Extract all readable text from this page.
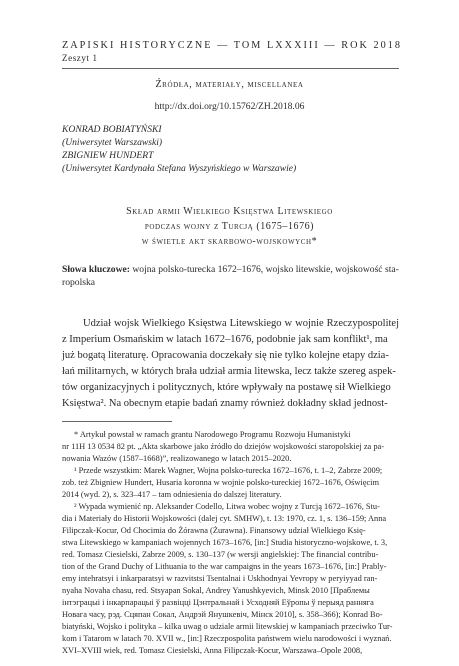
ZAPISKI HISTORYCZNE — TOM LXXXIII — ROK 2018
Zeszyt 1
Źródła, materiały, miscellanea
http://dx.doi.org/10.15762/ZH.2018.06
KONRAD BOBIATYŃSKI
(Uniwersytet Warszawski)
ZBIGNIEW HUNDERT
(Uniwersytet Kardynała Stefana Wyszyńskiego w Warszawie)
Skład armii Wielkiego Księstwa Litewskiego
podczas wojny z Turcją (1675–1676)
w świetle akt skarbowo-wojskowych*
Słowa kluczowe: wojna polsko-turecka 1672–1676, wojsko litewskie, wojskowość sta-
ropolska
Udział wojsk Wielkiego Księstwa Litewskiego w wojnie Rzeczypospolitej
z Imperium Osmańskim w latach 1672–1676, podobnie jak sam konflikt¹, ma
już bogatą literaturę. Opracowania doczekały się nie tylko kolejne etapy dzia-
łań militarnych, w których brała udział armia litewska, lecz także szereg aspek-
tów organizacyjnych i politycznych, które wpływały na postawę sił Wielkiego
Księstwa². Na obecnym etapie badań znamy również dokładny skład jednost-
* Artykuł powstał w ramach grantu Narodowego Programu Rozwoju Humanistyki
nr 11H 13 0534 82 pt. „Akta skarbowe jako źródło do dziejów wojskowości staropolskiej za pa-
nowania Wazów (1587–1668)”, realizowanego w latach 2015–2020.
¹ Przede wszystkim: Marek Wagner, Wojna polsko-turecka 1672–1676, t. 1–2, Zabrze 2009;
zob. też Zbigniew Hundert, Husaria koronna w wojnie polsko-tureckiej 1672–1676, Oświęcim
2014 (wyd. 2), s. 323–417 – tam odniesienia do dalszej literatury.
² Wypada wymienić np. Aleksander Codello, Litwa wobec wojny z Turcją 1672–1676, Stu-
dia i Materiały do Historii Wojskowości (dalej cyt. SMHW), t. 13: 1970, cz. 1, s. 136–159; Anna
Filipczak-Kocur, Od Chocimia do Żórawna (Żurawna). Finansowy udział Wielkiego Księ-
stwa Litewskiego w kampaniach wojennych 1673–1676, [in:] Studia historyczno-wojskowe, t. 3,
red. Tomasz Ciesielski, Zabrze 2009, s. 130–137 (w wersji angielskiej: The financial contribu-
tion of the Grand Duchy of Lithuania to the war campaigns in the years 1673–1676, [in:] Prably-
emy intehratsyi i inkarparatsyi w razvitstsi Tsentalnai i Uskhodnyai Yevropy w peryiyyad ran-
nyaha Novaha chasu, red. Stsyapan Sokal, Andrey Yanushkyevich, Minsk 2010 [Праблемы
інтэграцыі і інкарпарацыі ў развіцці Цэнтральнай і Усходняй Еўропы ў перыяд ранняга
Новага часу, рэд. Сцяпан Сокал, Андрэй Янушкевіч, Мінск 2010], s. 358–366); Konrad Bo-
biatyński, Wojsko i polityka – kilka uwag o udziale armii litewskiej w kampaniach przeciwko Tur-
kom i Tatarom w latach 70. XVII w., [in:] Rzeczpospolita państwem wielu narodowości i wyznań.
XVI–XVIII wiek, red. Tomasz Ciesielski, Anna Filipczak-Kocur, Warszawa–Opole 2008,
